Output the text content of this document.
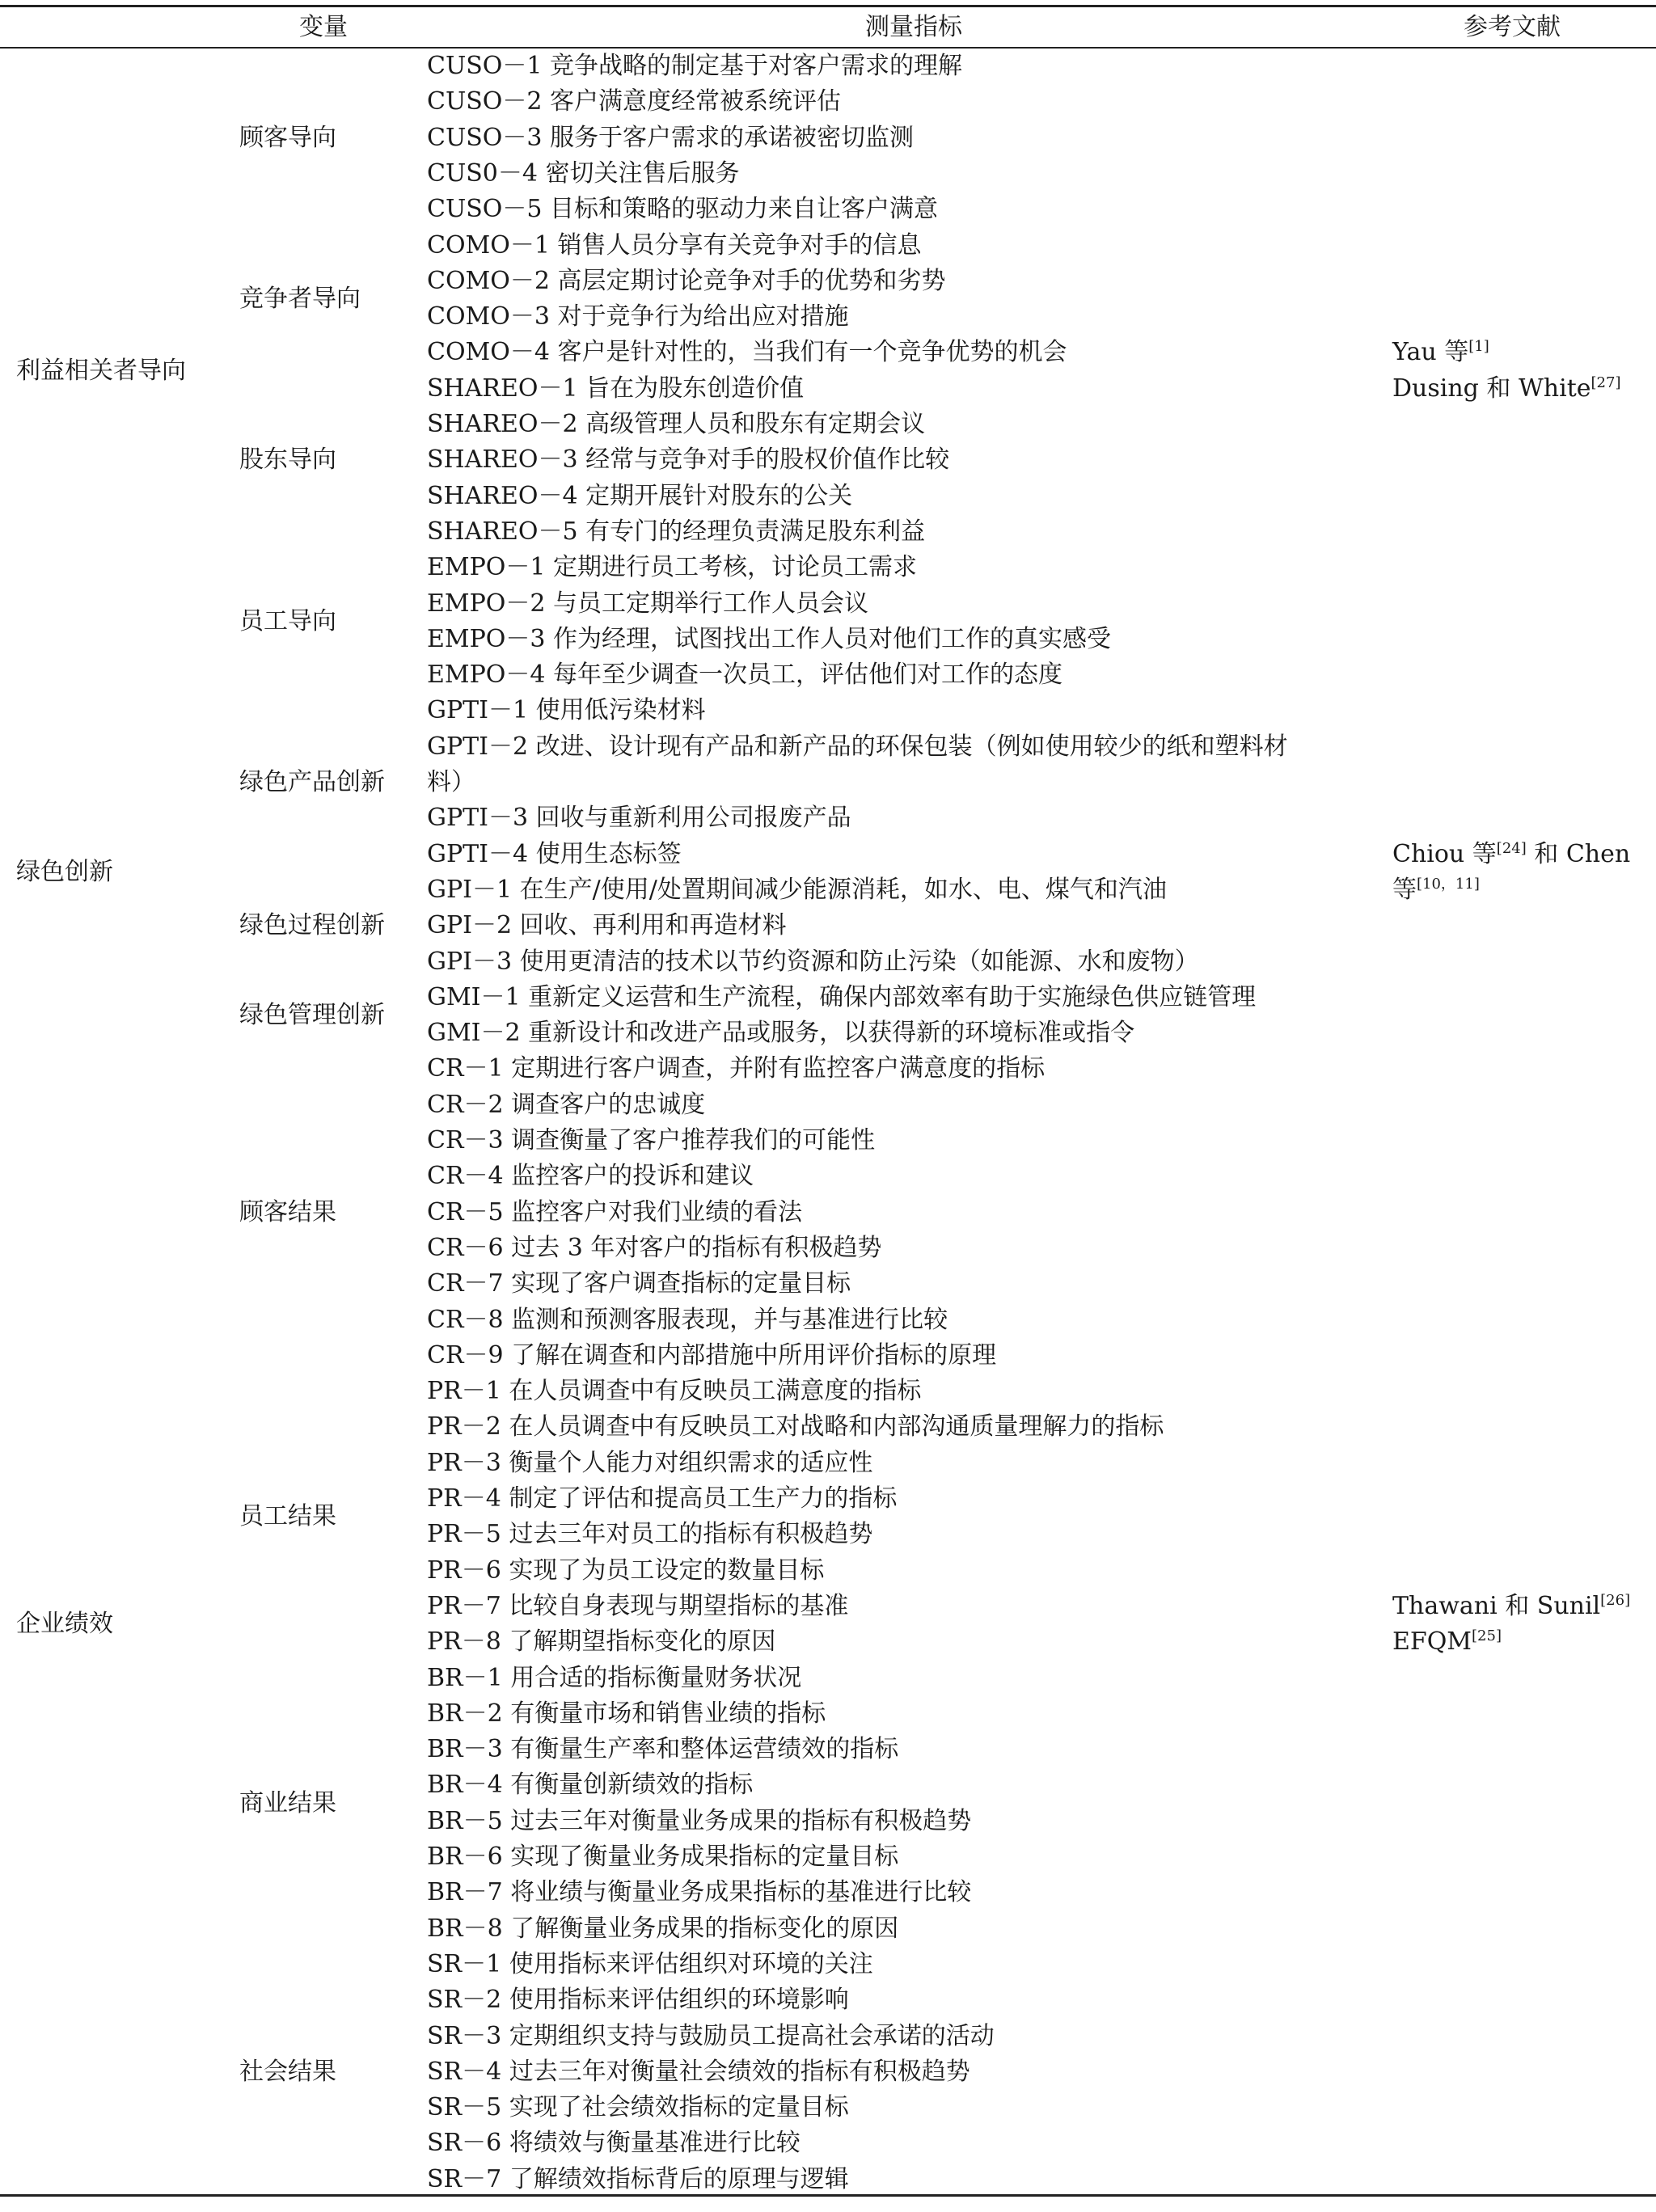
变量	测量指标	参考文献
CUSO－1 竞争战略的制定基于对客户需求的理解
CUSO－2 客户满意度经常被系统评估
CUSO－3 服务于客户需求的承诺被密切监测
CUS0－4 密切关注售后服务
CUSO－5 目标和策略的驱动力来自让客户满意
顾客导向
COMO－1 销售人员分享有关竞争对手的信息
COMO－2 高层定期讨论竞争对手的优势和劣势
COMO－3 对于竞争行为给出应对措施
COMO－4 客户是针对性的，当我们有一个竞争优势的机会
竞争者导向
SHAREO－1 旨在为股东创造价值
SHAREO－2 高级管理人员和股东有定期会议
SHAREO－3 经常与竞争对手的股权价值作比较
SHAREO－4 定期开展针对股东的公关
SHAREO－5 有专门的经理负责满足股东利益
股东导向
EMPO－1 定期进行员工考核，讨论员工需求
EMPO－2 与员工定期举行工作人员会议
EMPO－3 作为经理，试图找出工作人员对他们工作的真实感受
EMPO－4 每年至少调查一次员工，评估他们对工作的态度
员工导向
利益相关者导向
Yau 等[1]
Dusing 和 White[27]
GPTI－1 使用低污染材料
GPTI－2 改进、设计现有产品和新产品的环保包装（例如使用较少的纸和塑料材
料）
GPTI－3 回收与重新利用公司报废产品
GPTI－4 使用生态标签
绿色产品创新
GPI－1 在生产/使用/处置期间减少能源消耗，如水、电、煤气和汽油
GPI－2 回收、再利用和再造材料
GPI－3 使用更清洁的技术以节约资源和防止污染（如能源、水和废物）
绿色过程创新
GMI－1 重新定义运营和生产流程，确保内部效率有助于实施绿色供应链管理
GMI－2 重新设计和改进产品或服务，以获得新的环境标准或指令
绿色管理创新
绿色创新
Chiou 等[24] 和 Chen
等[10，11]
CR－1 定期进行客户调查，并附有监控客户满意度的指标
CR－2 调查客户的忠诚度
CR－3 调查衡量了客户推荐我们的可能性
CR－4 监控客户的投诉和建议
CR－5 监控客户对我们业绩的看法
CR－6 过去 3 年对客户的指标有积极趋势
CR－7 实现了客户调查指标的定量目标
CR－8 监测和预测客服表现，并与基准进行比较
CR－9 了解在调查和内部措施中所用评价指标的原理
顾客结果
PR－1 在人员调查中有反映员工满意度的指标
PR－2 在人员调查中有反映员工对战略和内部沟通质量理解力的指标
PR－3 衡量个人能力对组织需求的适应性
PR－4 制定了评估和提高员工生产力的指标
PR－5 过去三年对员工的指标有积极趋势
PR－6 实现了为员工设定的数量目标
PR－7 比较自身表现与期望指标的基准
PR－8 了解期望指标变化的原因
员工结果
BR－1 用合适的指标衡量财务状况
BR－2 有衡量市场和销售业绩的指标
BR－3 有衡量生产率和整体运营绩效的指标
BR－4 有衡量创新绩效的指标
BR－5 过去三年对衡量业务成果的指标有积极趋势
BR－6 实现了衡量业务成果指标的定量目标
BR－7 将业绩与衡量业务成果指标的基准进行比较
BR－8 了解衡量业务成果的指标变化的原因
商业结果
SR－1 使用指标来评估组织对环境的关注
SR－2 使用指标来评估组织的环境影响
SR－3 定期组织支持与鼓励员工提高社会承诺的活动
SR－4 过去三年对衡量社会绩效的指标有积极趋势
SR－5 实现了社会绩效指标的定量目标
SR－6 将绩效与衡量基准进行比较
SR－7 了解绩效指标背后的原理与逻辑
社会结果
企业绩效
Thawani 和 Sunil[26]
EFQM[25]
